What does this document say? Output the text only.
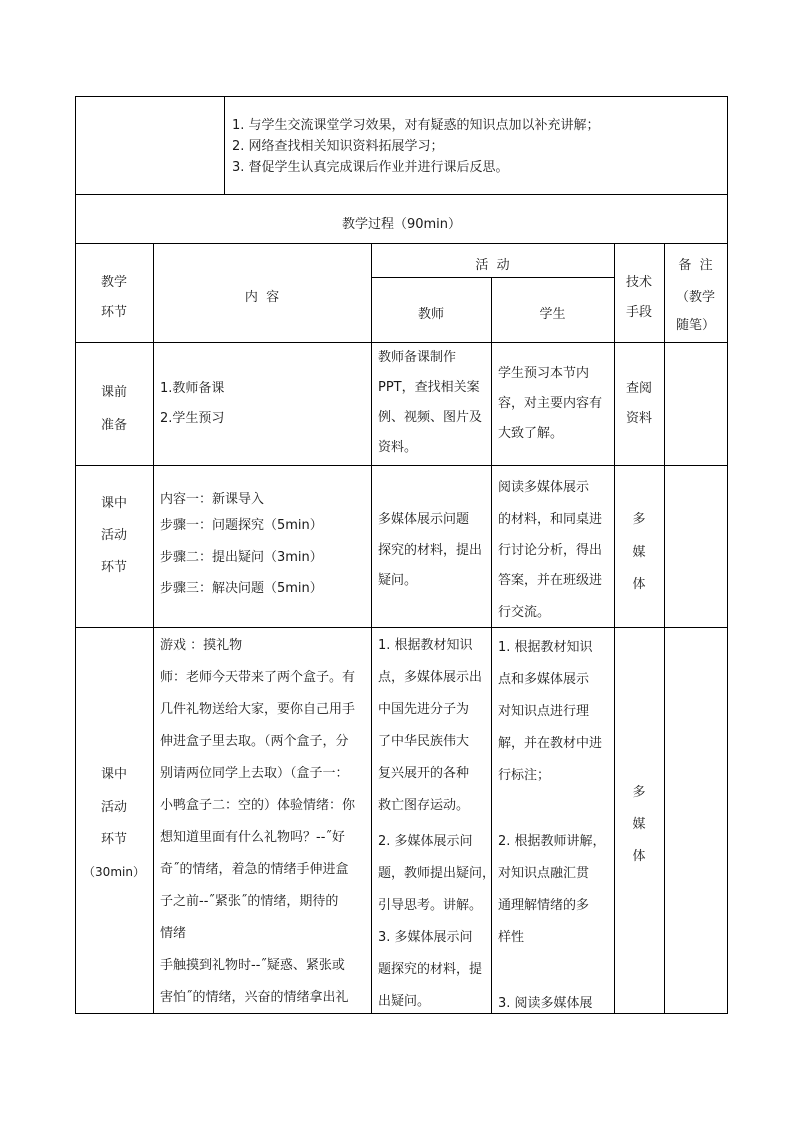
1. 与学生交流课堂学习效果，对有疑惑的知识点加以补充讲解；
2. 网络查找相关知识资料拓展学习；
3. 督促学生认真完成课后作业并进行课后反思。
教学过程（90min）
教学
环节
内  容
活  动
教师	学生
技术
手段
备  注
（教学
随笔）
课前
准备
1.教师备课
2.学生预习
教师备课制作
PPT，查找相关案
例、视频、图片及
资料。
学生预习本节内
容，对主要内容有
大致了解。
查阅
资料
课中
活动
环节
内容一：新课导入
步骤一：问题探究（5min）
步骤二：提出疑问（3min）
步骤三：解决问题（5min）
多媒体展示问题
探究的材料，提出
疑问。
阅读多媒体展示
的材料，和同桌进
行讨论分析，得出
答案，并在班级进
行交流。
多
媒
体
课中
活动
环节
（30min）
游戏 ：摸礼物
师：老师今天带来了两个盒子。有
几件礼物送给大家，要你自己用手
伸进盒子里去取。（两个盒子，分
别请两位同学上去取）（盒子一：
小鸭盒子二：空的）体验情绪：你
想知道里面有什么礼物吗？--˝好
奇˝的情绪，着急的情绪手伸进盒
子之前--˝紧张˝的情绪，期待的
情绪
手触摸到礼物时--˝疑惑、紧张或
害怕˝的情绪，兴奋的情绪拿出礼
1. 根据教材知识
点，多媒体展示出
中国先进分子为
了中华民族伟大
复兴展开的各种
救亡图存运动。
2. 多媒体展示问
题，教师提出疑问，
引导思考。讲解。
3. 多媒体展示问
题探究的材料，提
出疑问。
1. 根据教材知识
点和多媒体展示
对知识点进行理
解，并在教材中进
行标注；
2. 根据教师讲解，
对知识点融汇贯
通理解情绪的多
样性
3. 阅读多媒体展
多
媒
体
